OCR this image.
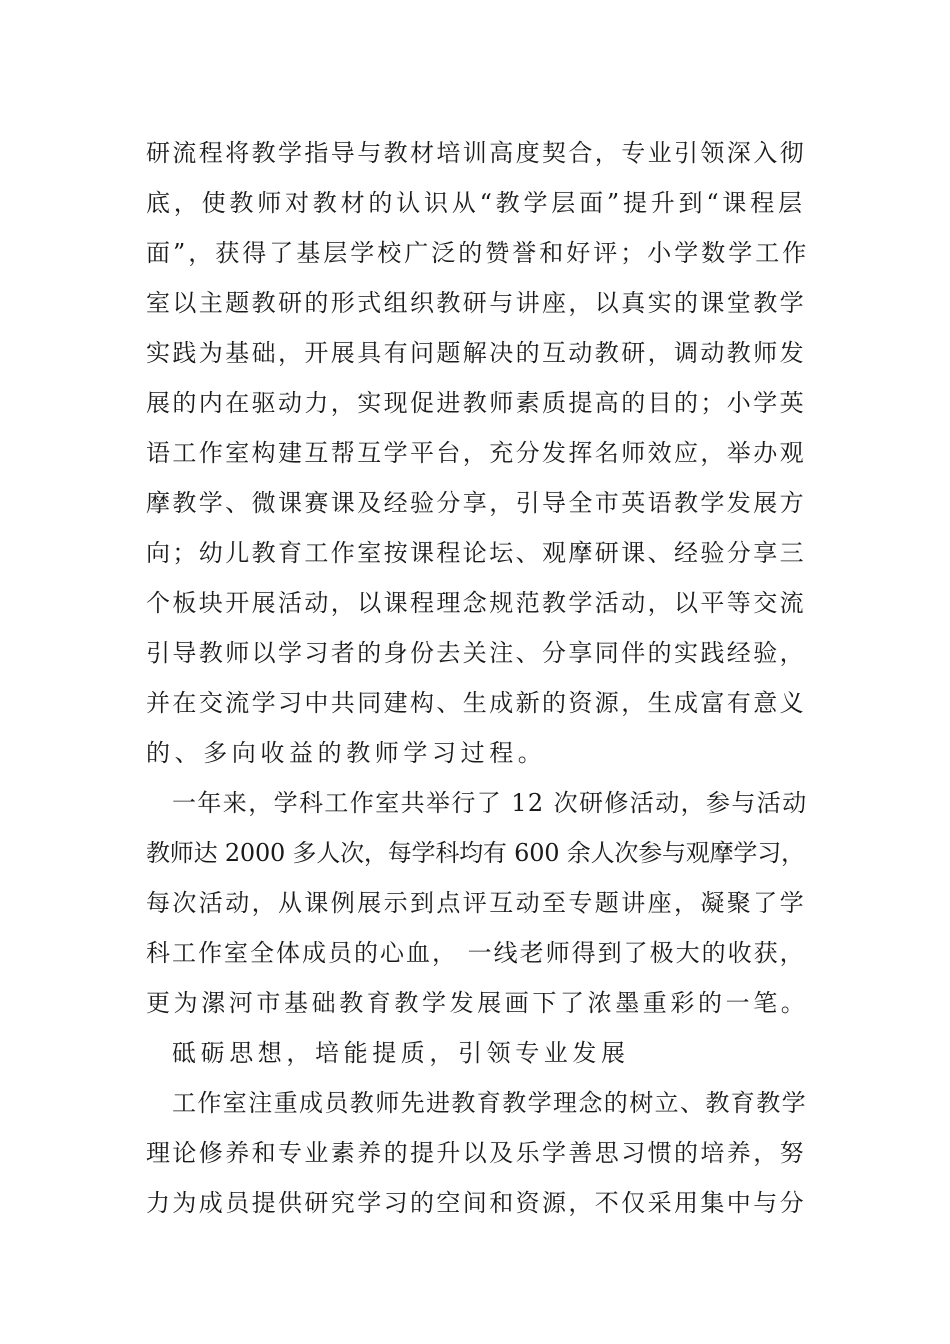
研流程将教学指导与教材培训高度契合，专业引领深入彻
底，使教师对教材的认识从“教学层面”提升到“课程层
面”，获得了基层学校广泛的赞誉和好评；小学数学工作
室以主题教研的形式组织教研与讲座，以真实的课堂教学
实践为基础，开展具有问题解决的互动教研，调动教师发
展的内在驱动力，实现促进教师素质提高的目的；小学英
语工作室构建互帮互学平台，充分发挥名师效应，举办观
摩教学、微课赛课及经验分享，引导全市英语教学发展方
向；幼儿教育工作室按课程论坛、观摩研课、经验分享三
个板块开展活动，以课程理念规范教学活动，以平等交流
引导教师以学习者的身份去关注、分享同伴的实践经验，
并在交流学习中共同建构、生成新的资源，生成富有意义
的、多向收益的教师学习过程。
一年来，学科工作室共举行了 12 次研修活动，参与活动
教师达 2000 多人次，每学科均有 600 余人次参与观摩学习，
每次活动，从课例展示到点评互动至专题讲座，凝聚了学
科工作室全体成员的心血， 一线老师得到了极大的收获，
更为漯河市基础教育教学发展画下了浓墨重彩的一笔。
砥砺思想，培能提质，引领专业发展
工作室注重成员教师先进教育教学理念的树立、教育教学
理论修养和专业素养的提升以及乐学善思习惯的培养，努
力为成员提供研究学习的空间和资源，不仅采用集中与分
